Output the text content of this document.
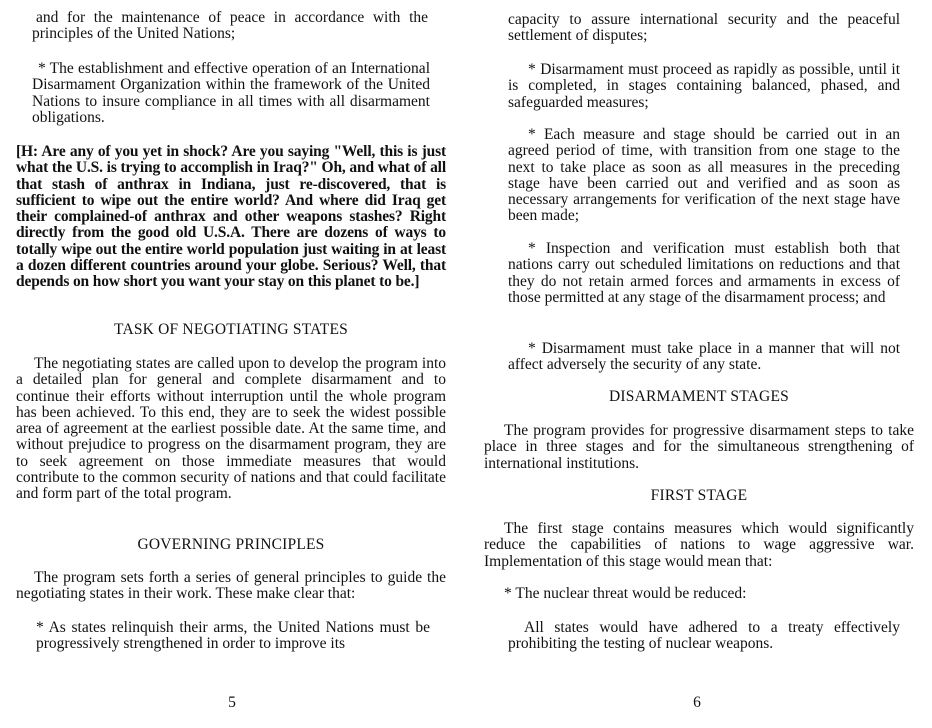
and for the maintenance of peace in accordance with the principles of the United Nations;

* The establishment and effective operation of an International Disarmament Organization within the framework of the United Nations to insure compliance in all times with all disarmament obligations.

[H: Are any of you yet in shock? Are you saying "Well, this is just what the U.S. is trying to accomplish in Iraq?" Oh, and what of all that stash of anthrax in Indiana, just re-discovered, that is sufficient to wipe out the entire world? And where did Iraq get their complained-of anthrax and other weapons stashes? Right directly from the good old U.S.A. There are dozens of ways to totally wipe out the entire world population just waiting in at least a dozen different countries around your globe. Serious? Well, that depends on how short you want your stay on this planet to be.]

TASK OF NEGOTIATING STATES

The negotiating states are called upon to develop the program into a detailed plan for general and complete disarmament and to continue their efforts without interruption until the whole program has been achieved. To this end, they are to seek the widest possible area of agreement at the earliest possible date. At the same time, and without prejudice to progress on the disarmament program, they are to seek agreement on those immediate measures that would contribute to the common security of nations and that could facilitate and form part of the total program.

GOVERNING PRINCIPLES

The program sets forth a series of general principles to guide the negotiating states in their work. These make clear that:

* As states relinquish their arms, the United Nations must be progressively strengthened in order to improve its

5

capacity to assure international security and the peaceful settlement of disputes;

* Disarmament must proceed as rapidly as possible, until it is completed, in stages containing balanced, phased, and safeguarded measures;

* Each measure and stage should be carried out in an agreed period of time, with transition from one stage to the next to take place as soon as all measures in the preceding stage have been carried out and verified and as soon as necessary arrangements for verification of the next stage have been made;

* Inspection and verification must establish both that nations carry out scheduled limitations on reductions and that they do not retain armed forces and armaments in excess of those permitted at any stage of the disarmament process; and

* Disarmament must take place in a manner that will not affect adversely the security of any state.

DISARMAMENT STAGES

The program provides for progressive disarmament steps to take place in three stages and for the simultaneous strengthening of international institutions.

FIRST STAGE

The first stage contains measures which would significantly reduce the capabilities of nations to wage aggressive war. Implementation of this stage would mean that:

* The nuclear threat would be reduced:

All states would have adhered to a treaty effectively prohibiting the testing of nuclear weapons.

6
